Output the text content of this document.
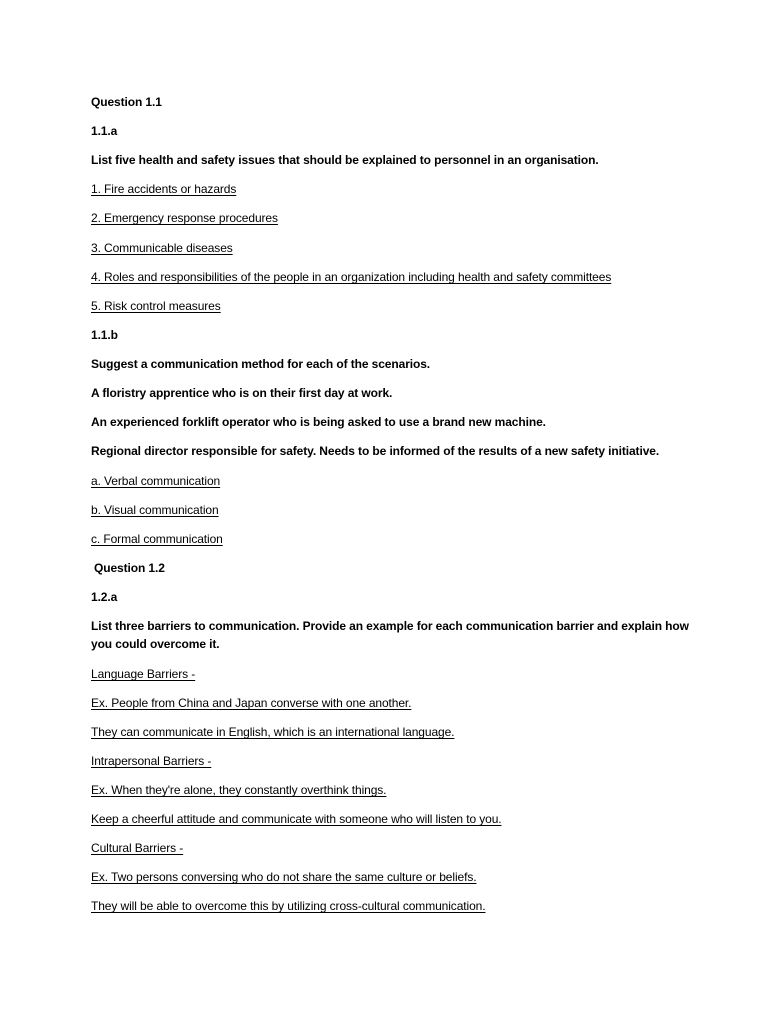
Question 1.1
1.1.a
List five health and safety issues that should be explained to personnel in an organisation.
1. Fire accidents or hazards
2. Emergency response procedures
3. Communicable diseases
4. Roles and responsibilities of the people in an organization including health and safety committees
5. Risk control measures
1.1.b
Suggest a communication method for each of the scenarios.
A floristry apprentice who is on their first day at work.
An experienced forklift operator who is being asked to use a brand new machine.
Regional director responsible for safety. Needs to be informed of the results of a new safety initiative.
a. Verbal communication
b. Visual communication
c. Formal communication
Question 1.2
1.2.a
List three barriers to communication. Provide an example for each communication barrier and explain how you could overcome it.
Language Barriers -
Ex. People from China and Japan converse with one another.
They can communicate in English, which is an international language.
Intrapersonal Barriers -
Ex. When they're alone, they constantly overthink things.
Keep a cheerful attitude and communicate with someone who will listen to you.
Cultural Barriers -
Ex. Two persons conversing who do not share the same culture or beliefs.
They will be able to overcome this by utilizing cross-cultural communication.
